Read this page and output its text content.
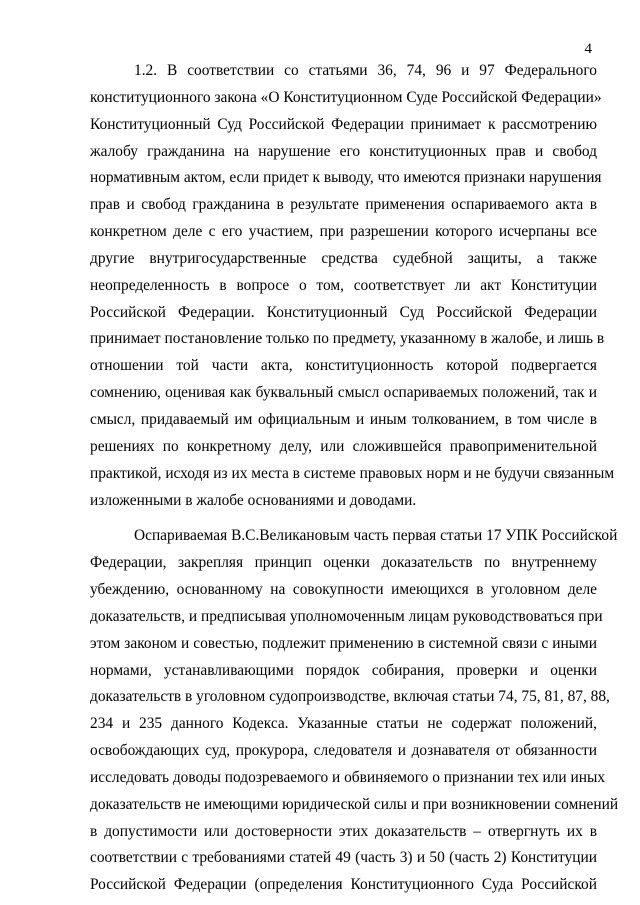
4
1.2. В соответствии со статьями 36, 74, 96 и 97 Федерального
конституционного закона «О Конституционном Суде Российской Федерации»
Конституционный Суд Российской Федерации принимает к рассмотрению
жалобу гражданина на нарушение его конституционных прав и свобод
нормативным актом, если придет к выводу, что имеются признаки нарушения
прав и свобод гражданина в результате применения оспариваемого акта в
конкретном деле с его участием, при разрешении которого исчерпаны все
другие внутригосударственные средства судебной защиты, а также
неопределенность в вопросе о том, соответствует ли акт Конституции
Российской Федерации. Конституционный Суд Российской Федерации
принимает постановление только по предмету, указанному в жалобе, и лишь в
отношении той части акта, конституционность которой подвергается
сомнению, оценивая как буквальный смысл оспариваемых положений, так и
смысл, придаваемый им официальным и иным толкованием, в том числе в
решениях по конкретному делу, или сложившейся правоприменительной
практикой, исходя из их места в системе правовых норм и не будучи связанным
изложенными в жалобе основаниями и доводами.
Оспариваемая В.С.Великановым часть первая статьи 17 УПК Российской
Федерации, закрепляя принцип оценки доказательств по внутреннему
убеждению, основанному на совокупности имеющихся в уголовном деле
доказательств, и предписывая уполномоченным лицам руководствоваться при
этом законом и совестью, подлежит применению в системной связи с иными
нормами, устанавливающими порядок собирания, проверки и оценки
доказательств в уголовном судопроизводстве, включая статьи 74, 75, 81, 87, 88,
234 и 235 данного Кодекса. Указанные статьи не содержат положений,
освобождающих суд, прокурора, следователя и дознавателя от обязанности
исследовать доводы подозреваемого и обвиняемого о признании тех или иных
доказательств не имеющими юридической силы и при возникновении сомнений
в допустимости или достоверности этих доказательств – отвергнуть их в
соответствии с требованиями статей 49 (часть 3) и 50 (часть 2) Конституции
Российской Федерации (определения Конституционного Суда Российской
